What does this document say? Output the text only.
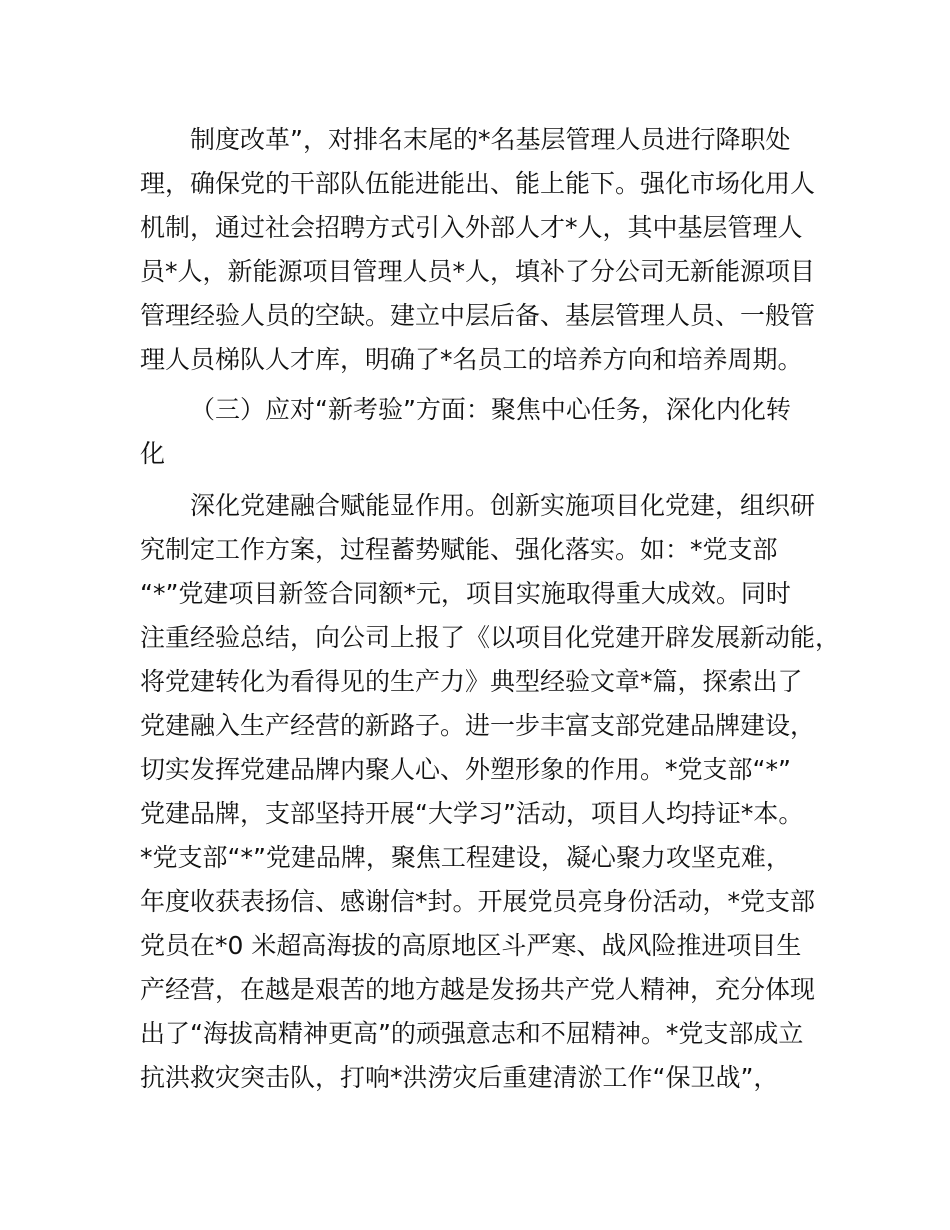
制度改革”，对排名末尾的*名基层管理人员进行降职处
理，确保党的干部队伍能进能出、能上能下。强化市场化用人
机制，通过社会招聘方式引入外部人才*人，其中基层管理人
员*人，新能源项目管理人员*人，填补了分公司无新能源项目
管理经验人员的空缺。建立中层后备、基层管理人员、一般管
理人员梯队人才库，明确了*名员工的培养方向和培养周期。
（三）应对“新考验”方面：聚焦中心任务，深化内化转
化
深化党建融合赋能显作用。创新实施项目化党建，组织研
究制定工作方案，过程蓄势赋能、强化落实。如：*党支部
“*”党建项目新签合同额*元，项目实施取得重大成效。同时
注重经验总结，向公司上报了《以项目化党建开辟发展新动能，
将党建转化为看得见的生产力》典型经验文章*篇，探索出了
党建融入生产经营的新路子。进一步丰富支部党建品牌建设，
切实发挥党建品牌内聚人心、外塑形象的作用。*党支部“*”
党建品牌，支部坚持开展“大学习”活动，项目人均持证*本。
*党支部“*”党建品牌，聚焦工程建设，凝心聚力攻坚克难，
年度收获表扬信、感谢信*封。开展党员亮身份活动，*党支部
党员在*0 米超高海拔的高原地区斗严寒、战风险推进项目生
产经营，在越是艰苦的地方越是发扬共产党人精神，充分体现
出了“海拔高精神更高”的顽强意志和不屈精神。*党支部成立
抗洪救灾突击队，打响*洪涝灾后重建清淤工作“保卫战”，
